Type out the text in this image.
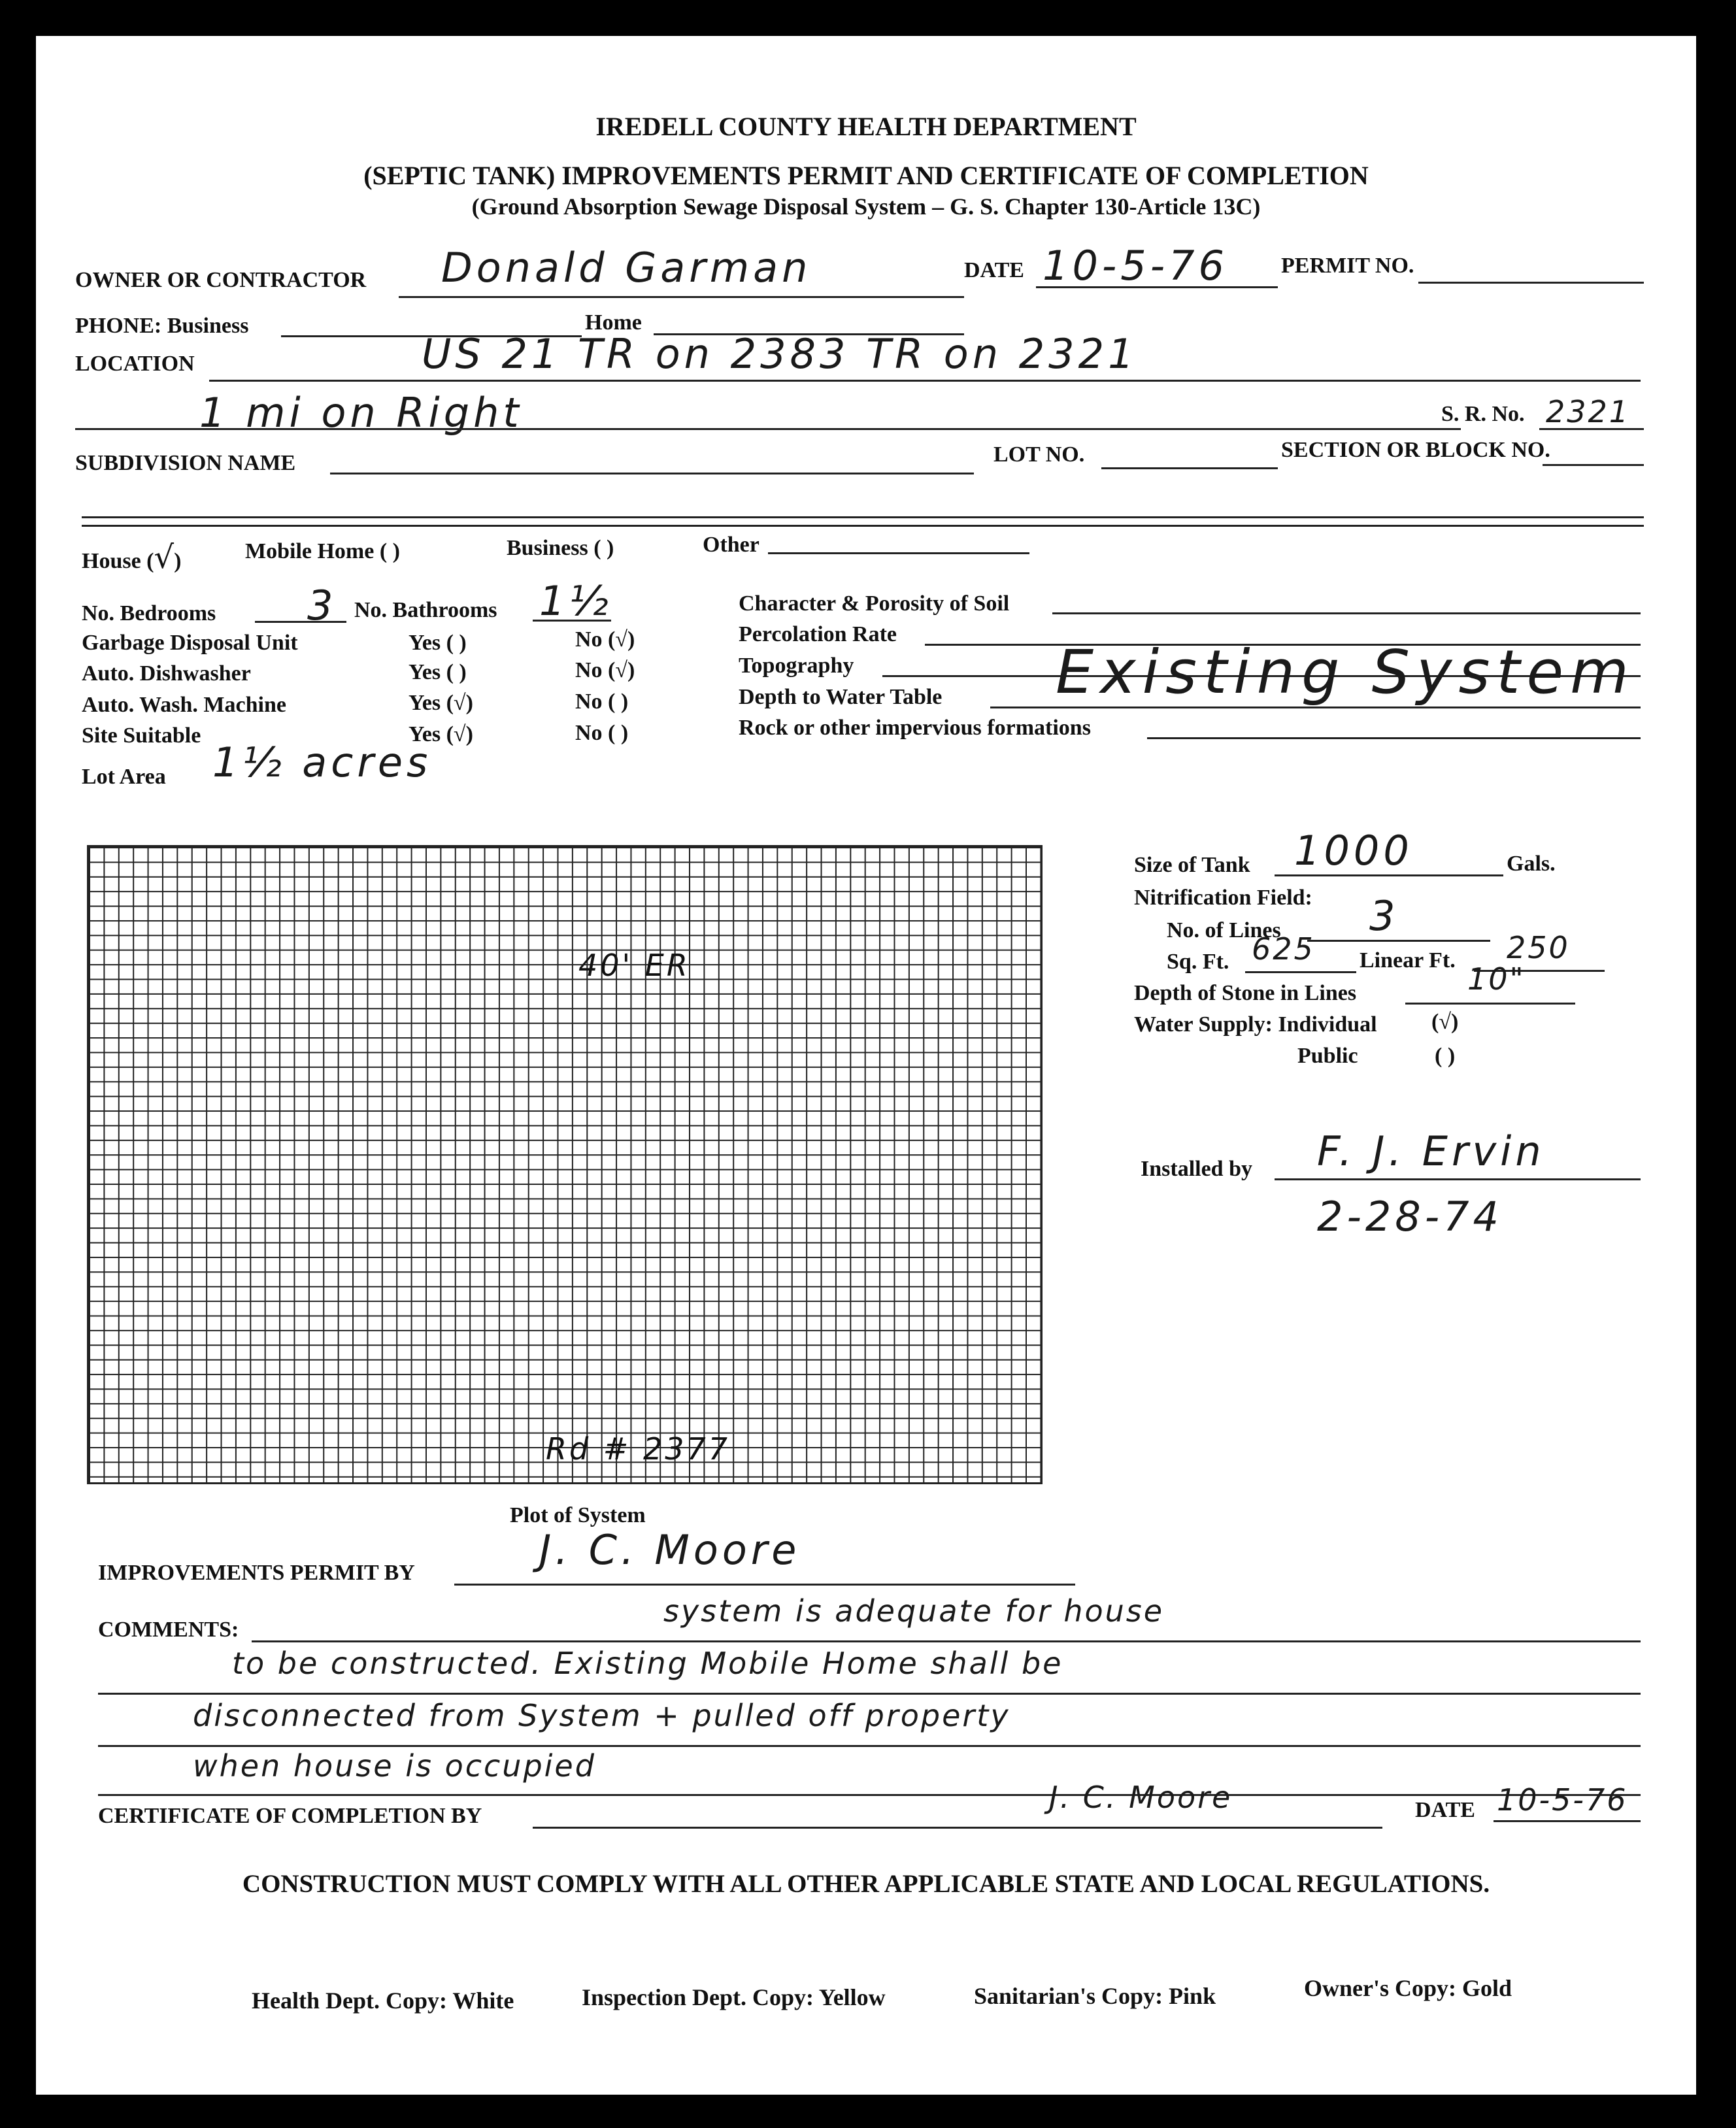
IREDELL COUNTY HEALTH DEPARTMENT
(SEPTIC TANK) IMPROVEMENTS PERMIT AND CERTIFICATE OF COMPLETION
(Ground Absorption Sewage Disposal System – G. S. Chapter 130-Article 13C)
OWNER OR CONTRACTOR Donald Garman	DATE 10-5-76 PERMIT NO.
PHONE: Business	Home
LOCATION	US 21 TR on 2383 TR on 2321
1 mi on Right	S. R. No. 2321
SUBDIVISION NAME	LOT NO.	SECTION OR BLOCK NO.
House (√)	Mobile Home ( )	Business ( )	Other
No. Bedrooms 3 No. Bathrooms 1½
Garbage Disposal Unit	Yes ( )	No (√)
Auto. Dishwasher	Yes ( )	No (√)
Auto. Wash. Machine	Yes (√)	No ( )
Site Suitable	Yes (√)	No ( )
Lot Area 1½ acres
Character & Porosity of Soil
Percolation Rate
Topography
Depth to Water Table
Rock or other impervious formations
Existing System
40' ER
Rd # 2377
Plot of System
Size of Tank 1000	Gals.
Nitrification Field:
No. of Lines 3
Sq. Ft. 625 Linear Ft. 250
Depth of Stone in Lines	10"
Water Supply: Individual (√)
Public	( )
Installed by F. J. Ervin
2-28-74
IMPROVEMENTS PERMIT BY	J. C. Moore
COMMENTS:
system is adequate for house
to be constructed. Existing Mobile Home shall be
disconnected from System + pulled off property
when house is occupied
CERTIFICATE OF COMPLETION BY
J. C. Moore	DATE 10-5-76
CONSTRUCTION MUST COMPLY WITH ALL OTHER APPLICABLE STATE AND LOCAL REGULATIONS.
Health Dept. Copy: White	Inspection Dept. Copy: Yellow	Sanitarian's Copy: Pink	Owner's Copy: Gold
